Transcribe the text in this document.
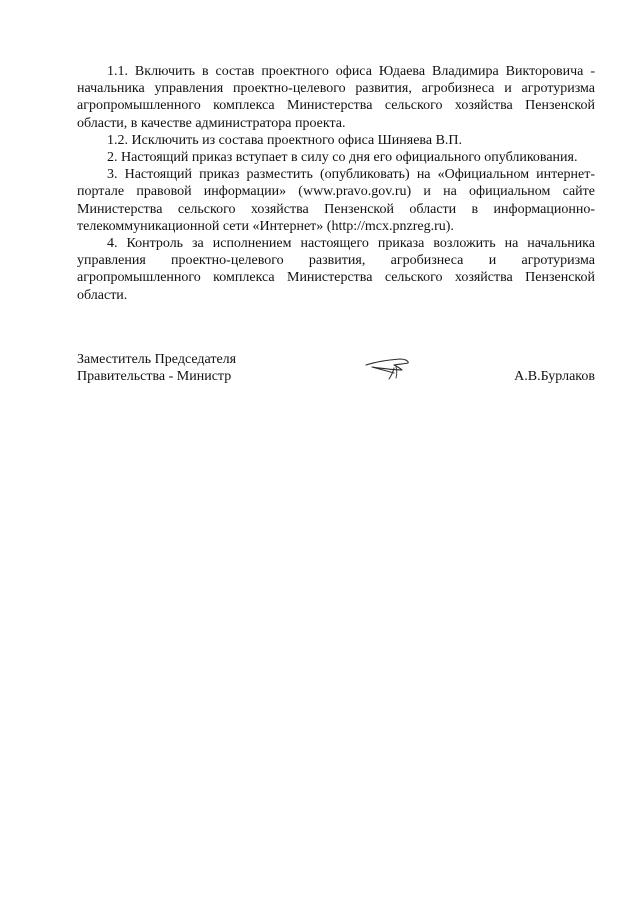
1.1. Включить в состав проектного офиса Юдаева Владимира Викторовича - начальника управления проектно-целевого развития, агробизнеса и агротуризма агропромышленного комплекса Министерства сельского хозяйства Пензенской области, в качестве администратора проекта.

1.2. Исключить из состава проектного офиса Шиняева В.П.

2. Настоящий приказ вступает в силу со дня его официального опубликования.

3. Настоящий приказ разместить (опубликовать) на «Официальном интернет-портале правовой информации» (www.pravo.gov.ru) и на официальном сайте Министерства сельского хозяйства Пензенской области в информационно-телекоммуникационной сети «Интернет» (http://mcx.pnzreg.ru).

4. Контроль за исполнением настоящего приказа возложить на начальника управления проектно-целевого развития, агробизнеса и агротуризма агропромышленного комплекса Министерства сельского хозяйства Пензенской области.

Заместитель Председателя
Правительства - Министр	А.В.Бурлаков
